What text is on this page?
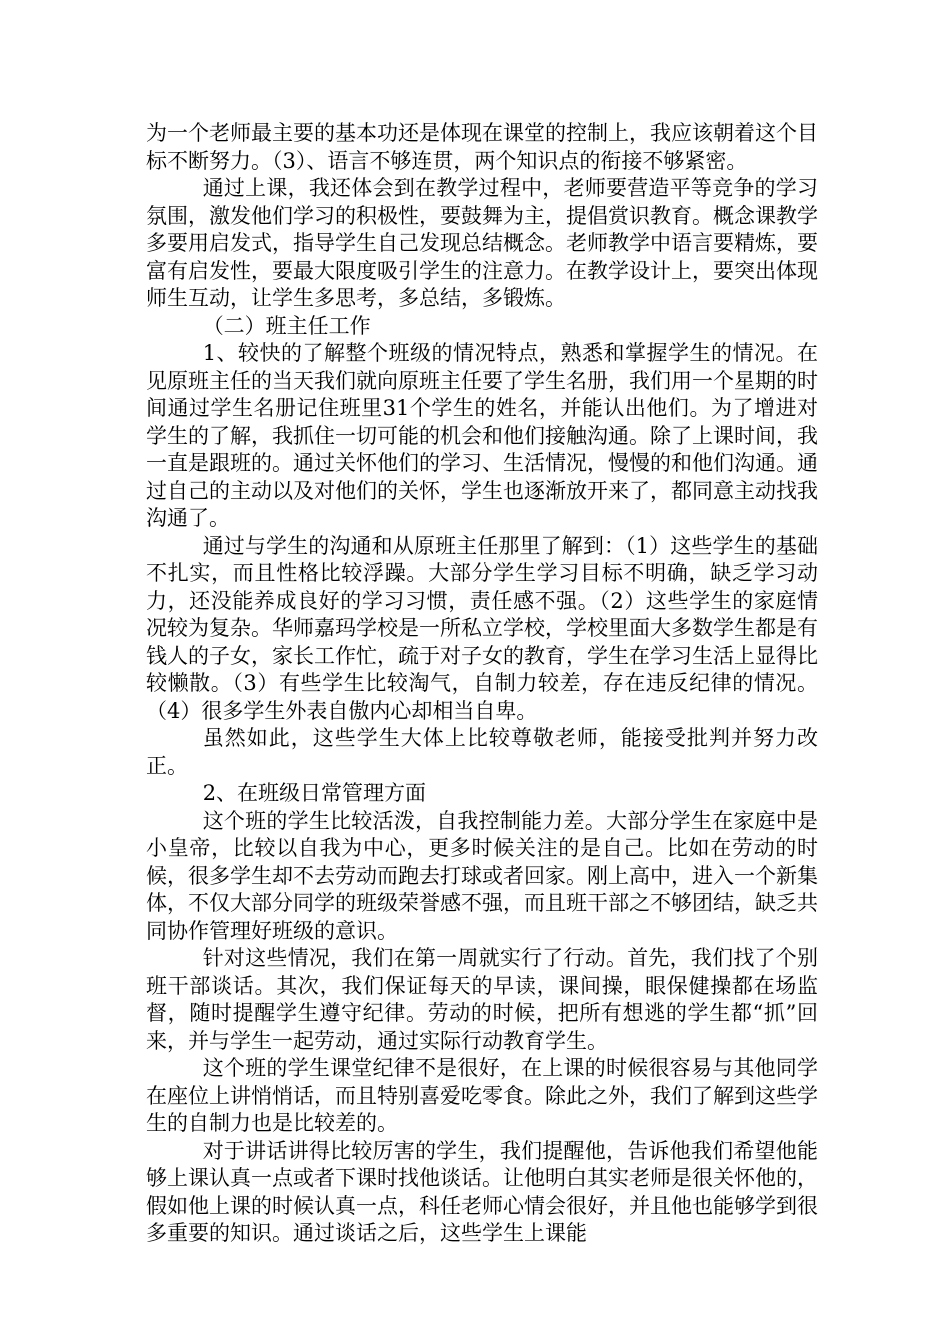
为一个老师最主要的基本功还是体现在课堂的控制上，我应该朝着这个目标不断努力。（3）、语言不够连贯，两个知识点的衔接不够紧密。

通过上课，我还体会到在教学过程中，老师要营造平等竞争的学习氛围，激发他们学习的积极性，要鼓舞为主，提倡赏识教育。概念课教学多要用启发式，指导学生自己发现总结概念。老师教学中语言要精炼，要富有启发性，要最大限度吸引学生的注意力。在教学设计上，要突出体现师生互动，让学生多思考，多总结，多锻炼。

（二）班主任工作

1、较快的了解整个班级的情况特点，熟悉和掌握学生的情况。在见原班主任的当天我们就向原班主任要了学生名册，我们用一个星期的时间通过学生名册记住班里31个学生的姓名，并能认出他们。为了增进对学生的了解，我抓住一切可能的机会和他们接触沟通。除了上课时间，我一直是跟班的。通过关怀他们的学习、生活情况，慢慢的和他们沟通。通过自己的主动以及对他们的关怀，学生也逐渐放开来了，都同意主动找我沟通了。

通过与学生的沟通和从原班主任那里了解到：（1）这些学生的基础不扎实，而且性格比较浮躁。大部分学生学习目标不明确，缺乏学习动力，还没能养成良好的学习习惯，责任感不强。（2）这些学生的家庭情况较为复杂。华师嘉玛学校是一所私立学校，学校里面大多数学生都是有钱人的子女，家长工作忙，疏于对子女的教育，学生在学习生活上显得比较懒散。（3）有些学生比较淘气，自制力较差，存在违反纪律的情况。（4）很多学生外表自傲内心却相当自卑。

虽然如此，这些学生大体上比较尊敬老师，能接受批判并努力改正。

2、在班级日常管理方面

这个班的学生比较活泼，自我控制能力差。大部分学生在家庭中是小皇帝，比较以自我为中心，更多时候关注的是自己。比如在劳动的时候，很多学生却不去劳动而跑去打球或者回家。刚上高中，进入一个新集体，不仅大部分同学的班级荣誉感不强，而且班干部之不够团结，缺乏共同协作管理好班级的意识。

针对这些情况，我们在第一周就实行了行动。首先，我们找了个别班干部谈话。其次，我们保证每天的早读，课间操，眼保健操都在场监督，随时提醒学生遵守纪律。劳动的时候，把所有想逃的学生都“抓”回来，并与学生一起劳动，通过实际行动教育学生。

这个班的学生课堂纪律不是很好，在上课的时候很容易与其他同学在座位上讲悄悄话，而且特别喜爱吃零食。除此之外，我们了解到这些学生的自制力也是比较差的。

对于讲话讲得比较厉害的学生，我们提醒他，告诉他我们希望他能够上课认真一点或者下课时找他谈话。让他明白其实老师是很关怀他的，假如他上课的时候认真一点，科任老师心情会很好，并且他也能够学到很多重要的知识。通过谈话之后，这些学生上课能
